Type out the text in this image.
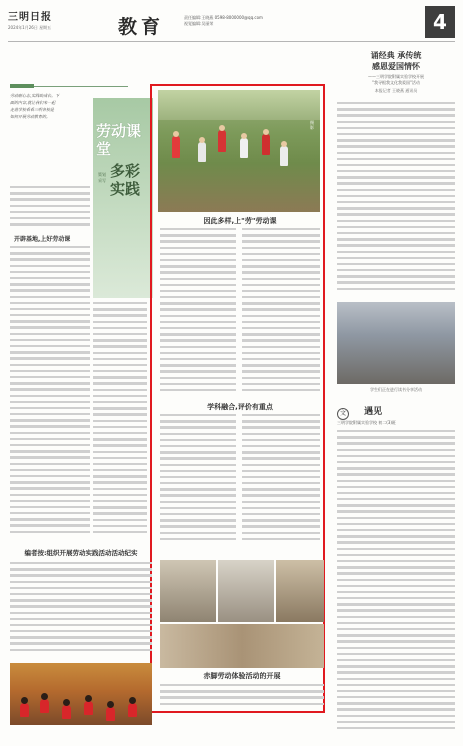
三明日报
2024年1月26日 星期五	教育	责任编辑:王晓燕 0598-8000000@qq.com
视觉编辑:吴丽荣	4
劳动砺心志,实践助成长。下
面的内容,就让我们来一起
走进学校看看三明各校是
如何开展劳动教育的。
劳动课堂
多彩实践
策划 采写
开辟基地,上好劳动课
摄影
因此多样,上"劳"劳动课
学科融合,评价有重点
赤脚劳动体验活动的开展
诵经典 承传统
感恩爱国情怀
——三明学院附属实验学校开展
"我寻根我文化我爱国"活动
本报记者 王晓燕 通讯员
学生们正在进行读书分享活动
文 遇见
三明学院附属实验学校 初二(3)班
编者按:组织开展劳动实践活动活动纪实
